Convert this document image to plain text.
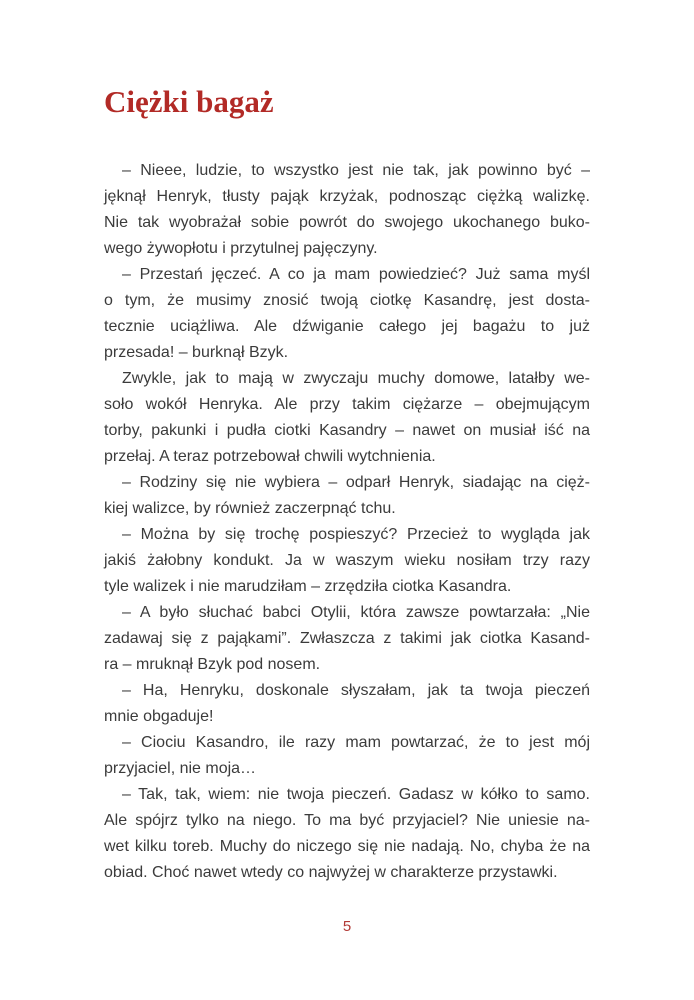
Ciężki bagaż
– Nieee, ludzie, to wszystko jest nie tak, jak powinno być –
jęknął Henryk, tłusty pająk krzyżak, podnosząc ciężką walizkę.
Nie tak wyobrażał sobie powrót do swojego ukochanego buko-
wego żywopłotu i przytulnej pajęczyny.
– Przestań jęczeć. A co ja mam powiedzieć? Już sama myśl
o tym, że musimy znosić twoją ciotkę Kasandrę, jest dosta-
tecznie uciążliwa. Ale dźwiganie całego jej bagażu to już
przesada! – burknął Bzyk.
Zwykle, jak to mają w zwyczaju muchy domowe, latałby we-
soło wokół Henryka. Ale przy takim ciężarze – obejmującym
torby, pakunki i pudła ciotki Kasandry – nawet on musiał iść na
przełaj. A teraz potrzebował chwili wytchnienia.
– Rodziny się nie wybiera – odparł Henryk, siadając na cięż-
kiej walizce, by również zaczerpnąć tchu.
– Można by się trochę pospieszyć? Przecież to wygląda jak
jakiś żałobny kondukt. Ja w waszym wieku nosiłam trzy razy
tyle walizek i nie marudziłam – zrzędziła ciotka Kasandra.
– A było słuchać babci Otylii, która zawsze powtarzała: „Nie
zadawaj się z pająkami”. Zwłaszcza z takimi jak ciotka Kasand-
ra – mruknął Bzyk pod nosem.
– Ha, Henryku, doskonale słyszałam, jak ta twoja pieczeń
mnie obgaduje!
– Ciociu Kasandro, ile razy mam powtarzać, że to jest mój
przyjaciel, nie moja…
– Tak, tak, wiem: nie twoja pieczeń. Gadasz w kółko to samo.
Ale spójrz tylko na niego. To ma być przyjaciel? Nie uniesie na-
wet kilku toreb. Muchy do niczego się nie nadają. No, chyba że na
obiad. Choć nawet wtedy co najwyżej w charakterze przystawki.
5
